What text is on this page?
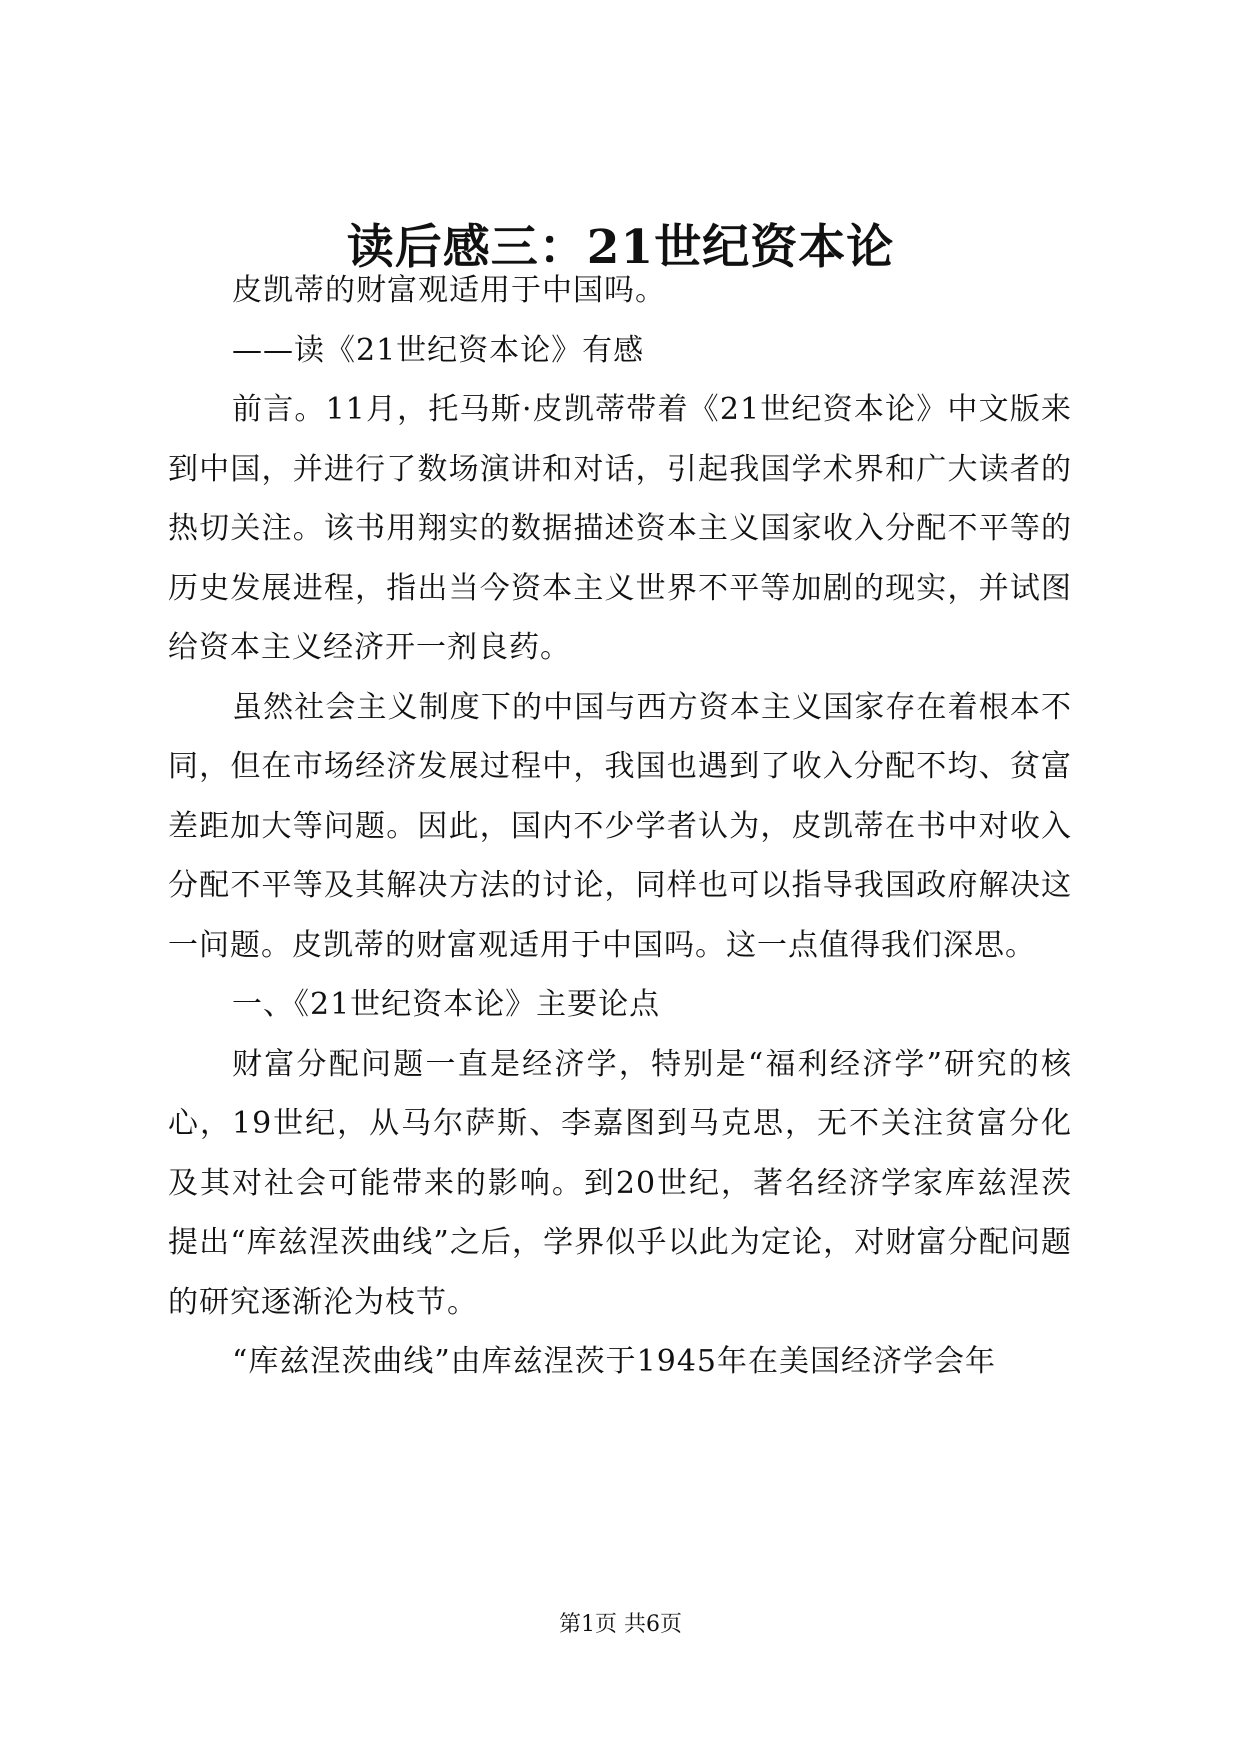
读后感三：21世纪资本论

皮凯蒂的财富观适用于中国吗。

——读《21世纪资本论》有感

前言。11月，托马斯·皮凯蒂带着《21世纪资本论》中文版来到中国，并进行了数场演讲和对话，引起我国学术界和广大读者的热切关注。该书用翔实的数据描述资本主义国家收入分配不平等的历史发展进程，指出当今资本主义世界不平等加剧的现实，并试图给资本主义经济开一剂良药。

虽然社会主义制度下的中国与西方资本主义国家存在着根本不同，但在市场经济发展过程中，我国也遇到了收入分配不均、贫富差距加大等问题。因此，国内不少学者认为，皮凯蒂在书中对收入分配不平等及其解决方法的讨论，同样也可以指导我国政府解决这一问题。皮凯蒂的财富观适用于中国吗。这一点值得我们深思。

一、《21世纪资本论》主要论点

财富分配问题一直是经济学，特别是“福利经济学”研究的核心，19世纪，从马尔萨斯、李嘉图到马克思，无不关注贫富分化及其对社会可能带来的影响。到20世纪，著名经济学家库兹涅茨提出“库兹涅茨曲线”之后，学界似乎以此为定论，对财富分配问题的研究逐渐沦为枝节。

“库兹涅茨曲线”由库兹涅茨于1945年在美国经济学会年

第1页 共6页
